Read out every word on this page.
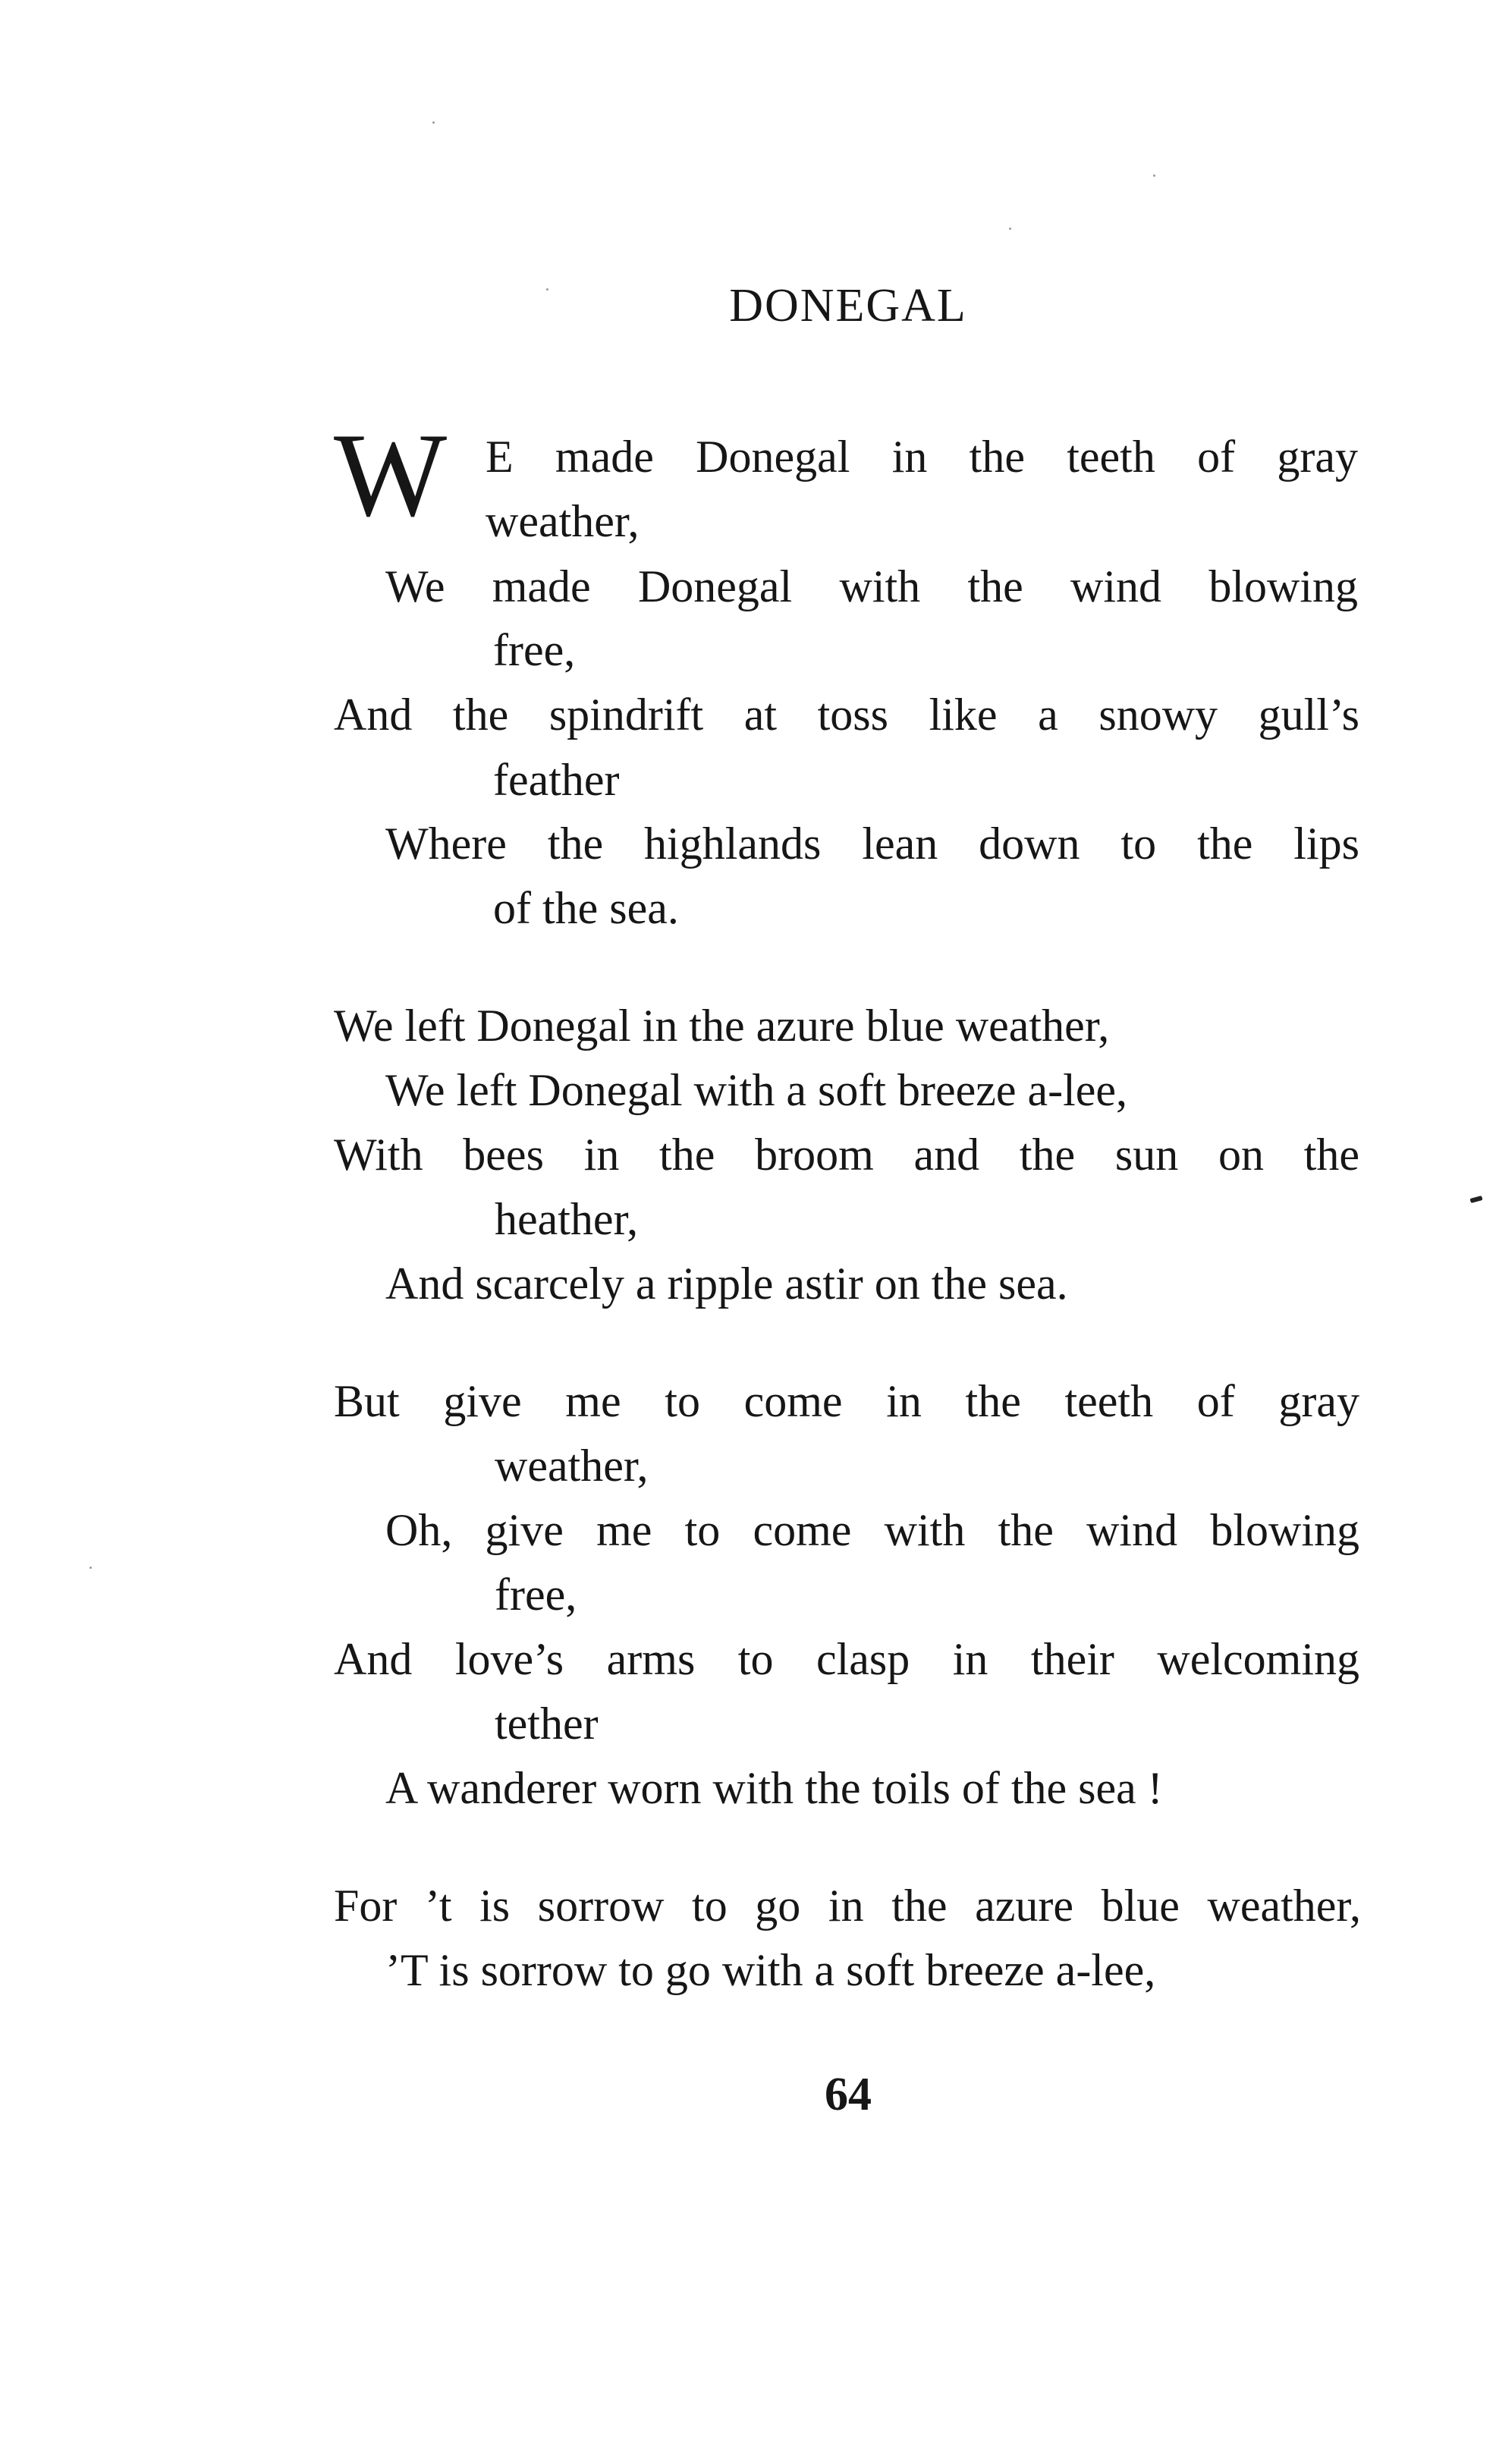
DONEGAL
W E made Donegal in the teeth of gray
weather,
We made Donegal with the wind blowing
free,
And the spindrift at toss like a snowy gull’s
feather
Where the highlands lean down to the lips
of the sea.
We left Donegal in the azure blue weather,
We left Donegal with a soft breeze a-lee,
With bees in the broom and the sun on the
heather,
And scarcely a ripple astir on the sea.
But give me to come in the teeth of gray
weather,
Oh, give me to come with the wind blowing
free,
And love’s arms to clasp in their welcoming
tether
A wanderer worn with the toils of the sea !
For ’t is sorrow to go in the azure blue weather,
’T is sorrow to go with a soft breeze a-lee,
64
